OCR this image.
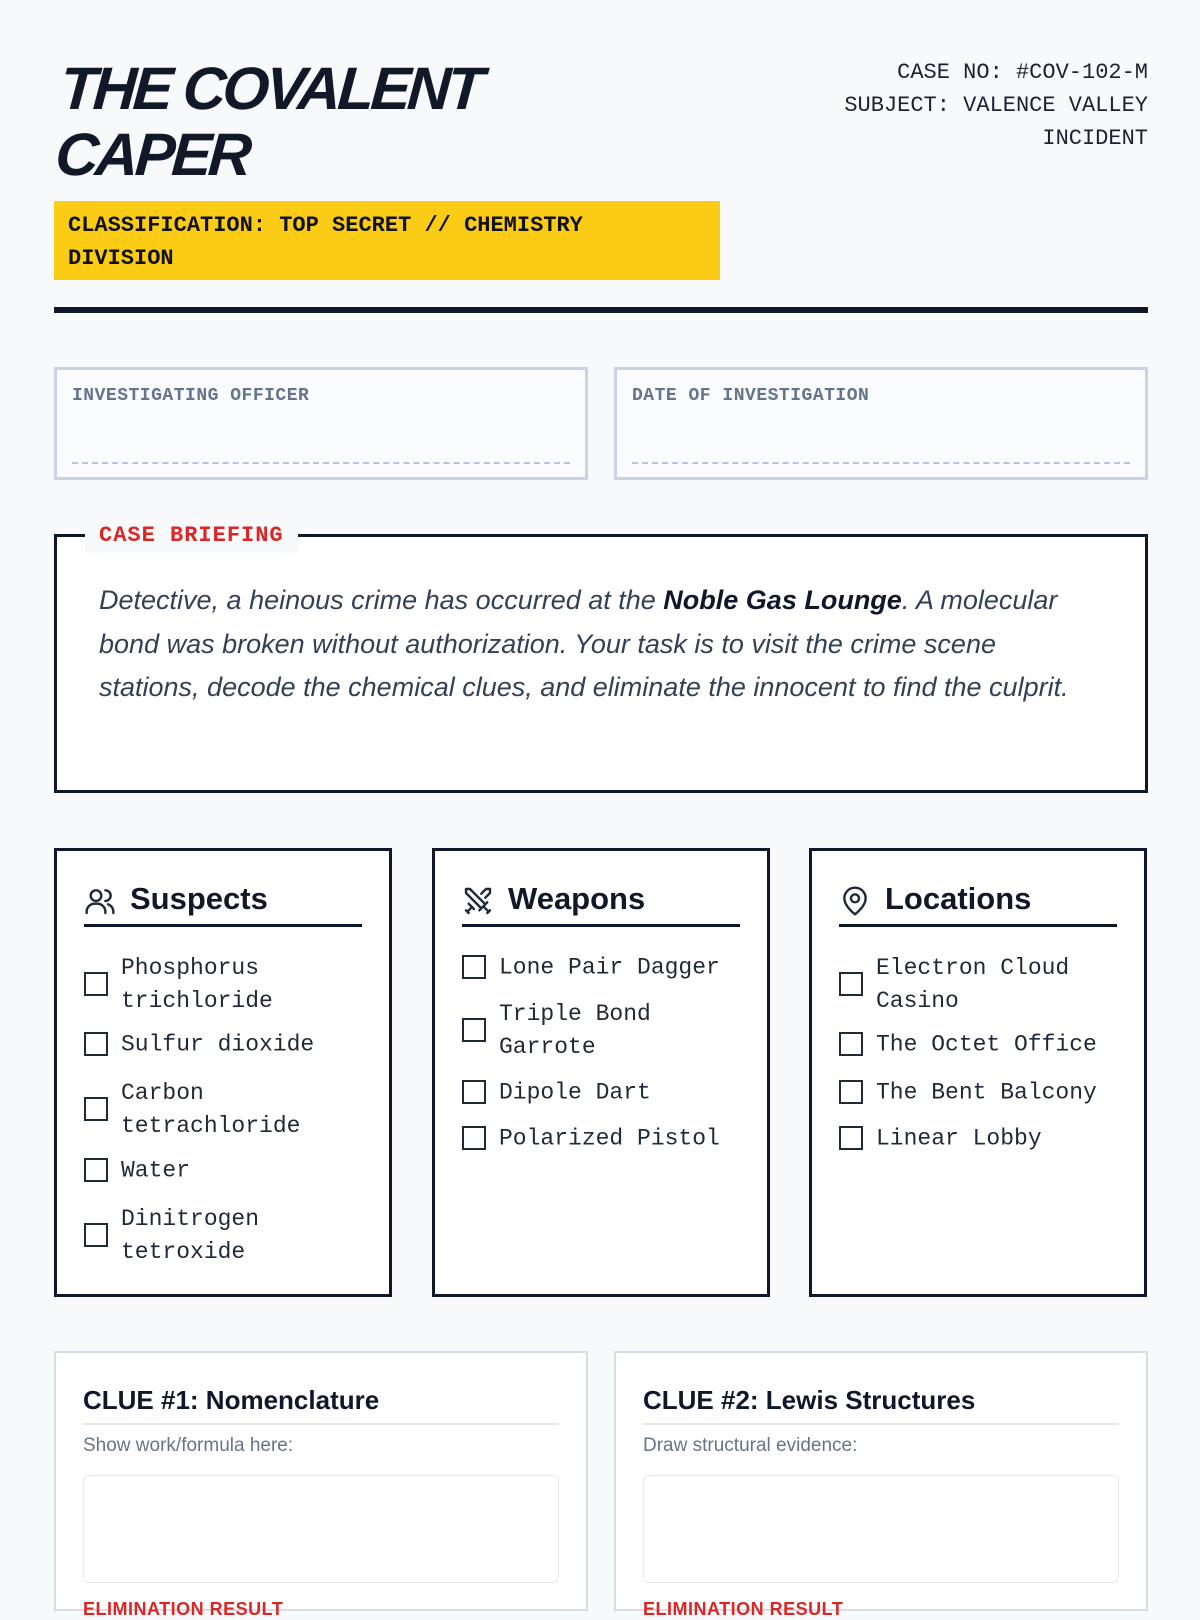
THE COVALENT
CAPER
CASE NO: #COV-102-M
SUBJECT: VALENCE VALLEY
INCIDENT
CLASSIFICATION: TOP SECRET // CHEMISTRY
DIVISION
INVESTIGATING OFFICER	DATE OF INVESTIGATION
CASE BRIEFING
Detective, a heinous crime has occurred at the Noble Gas Lounge. A molecular bond was broken without authorization. Your task is to visit the crime scene stations, decode the chemical clues, and eliminate the innocent to find the culprit.
Suspects
Phosphorus
trichloride
Sulfur dioxide
Carbon
tetrachloride
Water
Dinitrogen
tetroxide
Weapons
Lone Pair Dagger
Triple Bond
Garrote
Dipole Dart
Polarized Pistol
Locations
Electron Cloud
Casino
The Octet Office
The Bent Balcony
Linear Lobby
CLUE #1: Nomenclature
Show work/formula here:
ELIMINATION RESULT
CLUE #2: Lewis Structures
Draw structural evidence:
ELIMINATION RESULT
